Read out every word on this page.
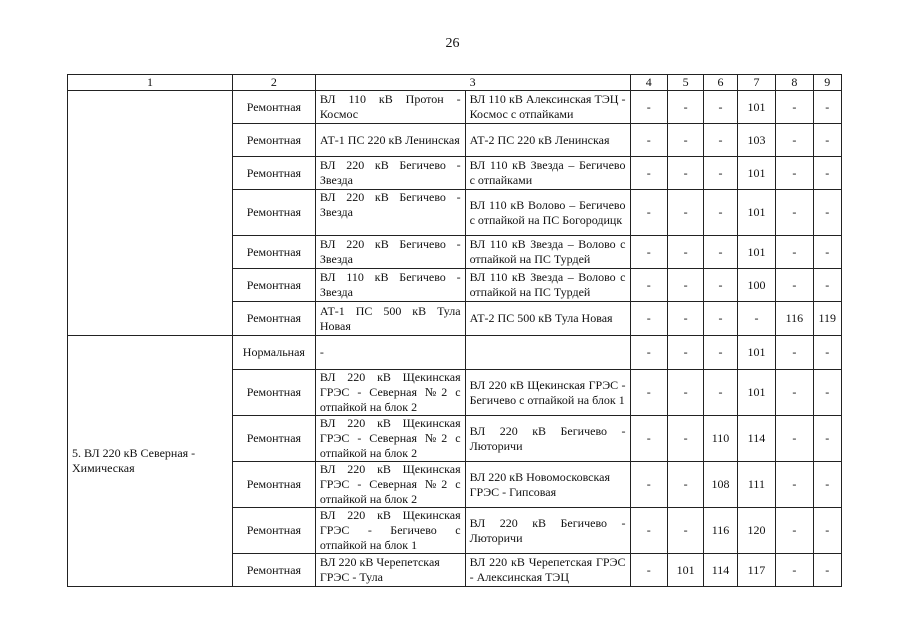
26
1	2	3		4	5	6	7	8	9
	Ремонтная	ВЛ 110 кВ Протон - Космос	ВЛ 110 кВ Алексинская ТЭЦ - Космос с отпайками	-	-	-	101	-	-
	Ремонтная	АТ-1 ПС 220 кВ Ленинская	АТ-2 ПС 220 кВ Ленинская	-	-	-	103	-	-
	Ремонтная	ВЛ 220 кВ Бегичево - Звезда	ВЛ 110 кВ Звезда – Бегичево с отпайками	-	-	-	101	-	-
	Ремонтная	ВЛ 220 кВ Бегичево - Звезда	ВЛ 110 кВ Волово – Бегичево с отпайкой на ПС Богородицк	-	-	-	101	-	-
	Ремонтная	ВЛ 220 кВ Бегичево - Звезда	ВЛ 110 кВ Звезда – Волово с отпайкой на ПС Турдей	-	-	-	101	-	-
	Ремонтная	ВЛ 110 кВ Бегичево - Звезда	ВЛ 110 кВ Звезда – Волово с отпайкой на ПС Турдей	-	-	-	100	-	-
	Ремонтная	АТ-1 ПС 500 кВ Тула Новая	АТ-2 ПС 500 кВ Тула Новая	-	-	-	-	116	119
5. ВЛ 220 кВ Северная - Химическая	Нормальная	-		-	-	-	101	-	-
	Ремонтная	ВЛ 220 кВ Щекинская ГРЭС - Северная №2 с отпайкой на блок 2	ВЛ 220 кВ Щекинская ГРЭС - Бегичево с отпайкой на блок 1	-	-	-	101	-	-
	Ремонтная	ВЛ 220 кВ Щекинская ГРЭС - Северная №2 с отпайкой на блок 2	ВЛ 220 кВ Бегичево - Лютоpичи	-	-	110	114	-	-
	Ремонтная	ВЛ 220 кВ Щекинская ГРЭС - Северная №2 с отпайкой на блок 2	ВЛ 220 кВ Новомосковская ГРЭС - Гипсовая	-	-	108	111	-	-
	Ремонтная	ВЛ 220 кВ Щекинская ГРЭС - Бегичево с отпайкой на блок 1	ВЛ 220 кВ Бегичево - Лютоpичи	-	-	116	120	-	-
	Ремонтная	ВЛ 220 кВ Черепетская ГРЭС - Тула	ВЛ 220 кВ Черепетская ГРЭС - Алексинская ТЭЦ	-	101	114	117	-	-
